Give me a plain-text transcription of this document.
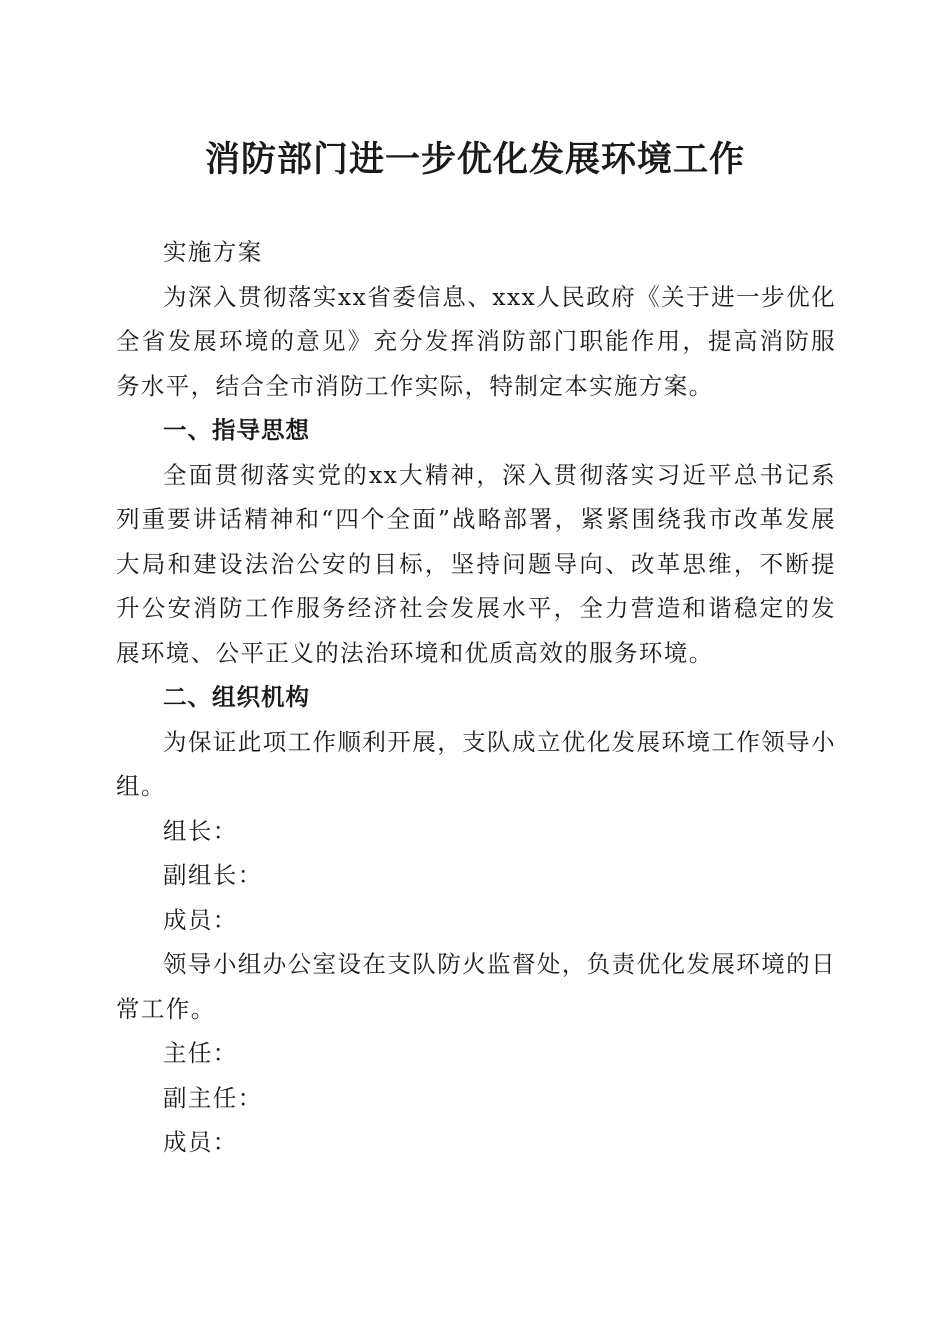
消防部门进一步优化发展环境工作

实施方案

为深入贯彻落实xx省委信息、xxx人民政府《关于进一步优化全省发展环境的意见》充分发挥消防部门职能作用，提高消防服务水平，结合全市消防工作实际，特制定本实施方案。

一、指导思想

全面贯彻落实党的xx大精神，深入贯彻落实习近平总书记系列重要讲话精神和“四个全面”战略部署，紧紧围绕我市改革发展大局和建设法治公安的目标，坚持问题导向、改革思维，不断提升公安消防工作服务经济社会发展水平，全力营造和谐稳定的发展环境、公平正义的法治环境和优质高效的服务环境。

二、组织机构

为保证此项工作顺利开展，支队成立优化发展环境工作领导小组。

组长：

副组长：

成员：

领导小组办公室设在支队防火监督处，负责优化发展环境的日常工作。

主任：

副主任：

成员：
